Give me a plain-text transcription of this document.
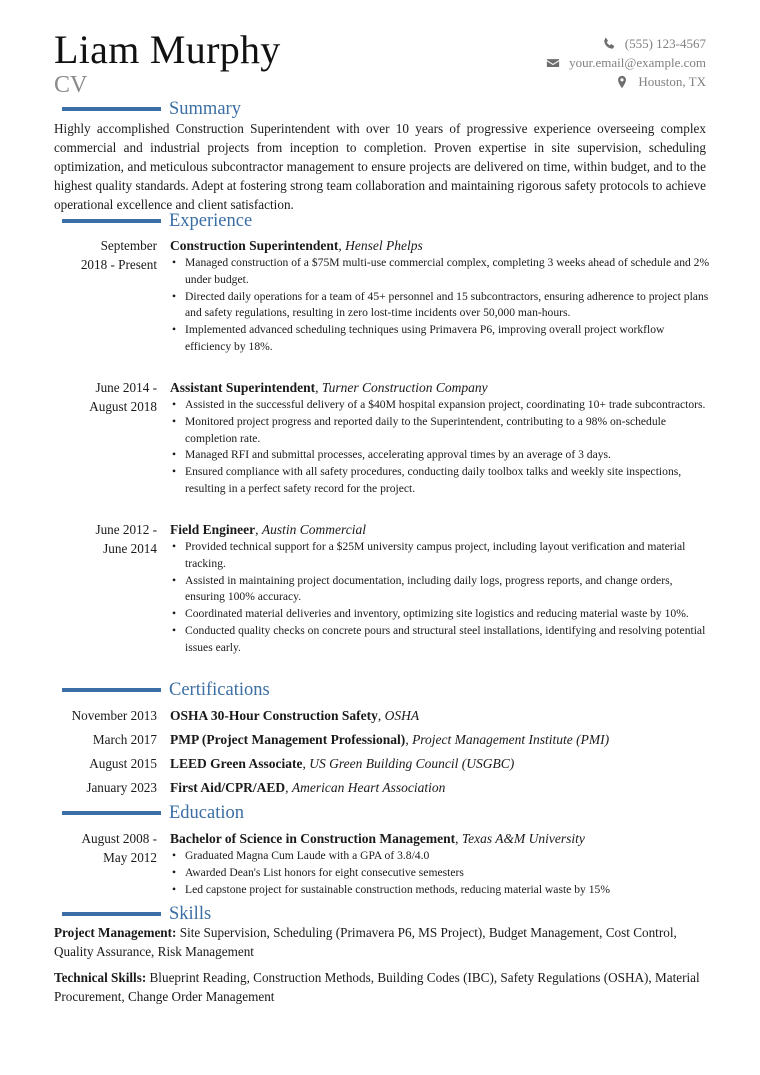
Liam Murphy
CV
(555) 123-4567
your.email@example.com
Houston, TX
Summary
Highly accomplished Construction Superintendent with over 10 years of progressive experience overseeing complex commercial and industrial projects from inception to completion. Proven expertise in site supervision, scheduling optimization, and meticulous subcontractor management to ensure projects are delivered on time, within budget, and to the highest quality standards. Adept at fostering strong team collaboration and maintaining rigorous safety protocols to achieve operational excellence and client satisfaction.
Experience
September
2018 - Present
Construction Superintendent, Hensel Phelps
• Managed construction of a $75M multi-use commercial complex, completing 3 weeks ahead of schedule and 2% under budget.
• Directed daily operations for a team of 45+ personnel and 15 subcontractors, ensuring adherence to project plans and safety regulations, resulting in zero lost-time incidents over 50,000 man-hours.
• Implemented advanced scheduling techniques using Primavera P6, improving overall project workflow efficiency by 18%.
June 2014 -
August 2018
Assistant Superintendent, Turner Construction Company
• Assisted in the successful delivery of a $40M hospital expansion project, coordinating 10+ trade subcontractors.
• Monitored project progress and reported daily to the Superintendent, contributing to a 98% on-schedule completion rate.
• Managed RFI and submittal processes, accelerating approval times by an average of 3 days.
• Ensured compliance with all safety procedures, conducting daily toolbox talks and weekly site inspections, resulting in a perfect safety record for the project.
June 2012 -
June 2014
Field Engineer, Austin Commercial
• Provided technical support for a $25M university campus project, including layout verification and material tracking.
• Assisted in maintaining project documentation, including daily logs, progress reports, and change orders, ensuring 100% accuracy.
• Coordinated material deliveries and inventory, optimizing site logistics and reducing material waste by 10%.
• Conducted quality checks on concrete pours and structural steel installations, identifying and resolving potential issues early.
Certifications
November 2013 OSHA 30-Hour Construction Safety, OSHA
March 2017 PMP (Project Management Professional), Project Management Institute (PMI)
August 2015 LEED Green Associate, US Green Building Council (USGBC)
January 2023 First Aid/CPR/AED, American Heart Association
Education
August 2008 -
May 2012
Bachelor of Science in Construction Management, Texas A&M University
• Graduated Magna Cum Laude with a GPA of 3.8/4.0
• Awarded Dean's List honors for eight consecutive semesters
• Led capstone project for sustainable construction methods, reducing material waste by 15%
Skills
Project Management: Site Supervision, Scheduling (Primavera P6, MS Project), Budget Management, Cost Control, Quality Assurance, Risk Management
Technical Skills: Blueprint Reading, Construction Methods, Building Codes (IBC), Safety Regulations (OSHA), Material Procurement, Change Order Management
